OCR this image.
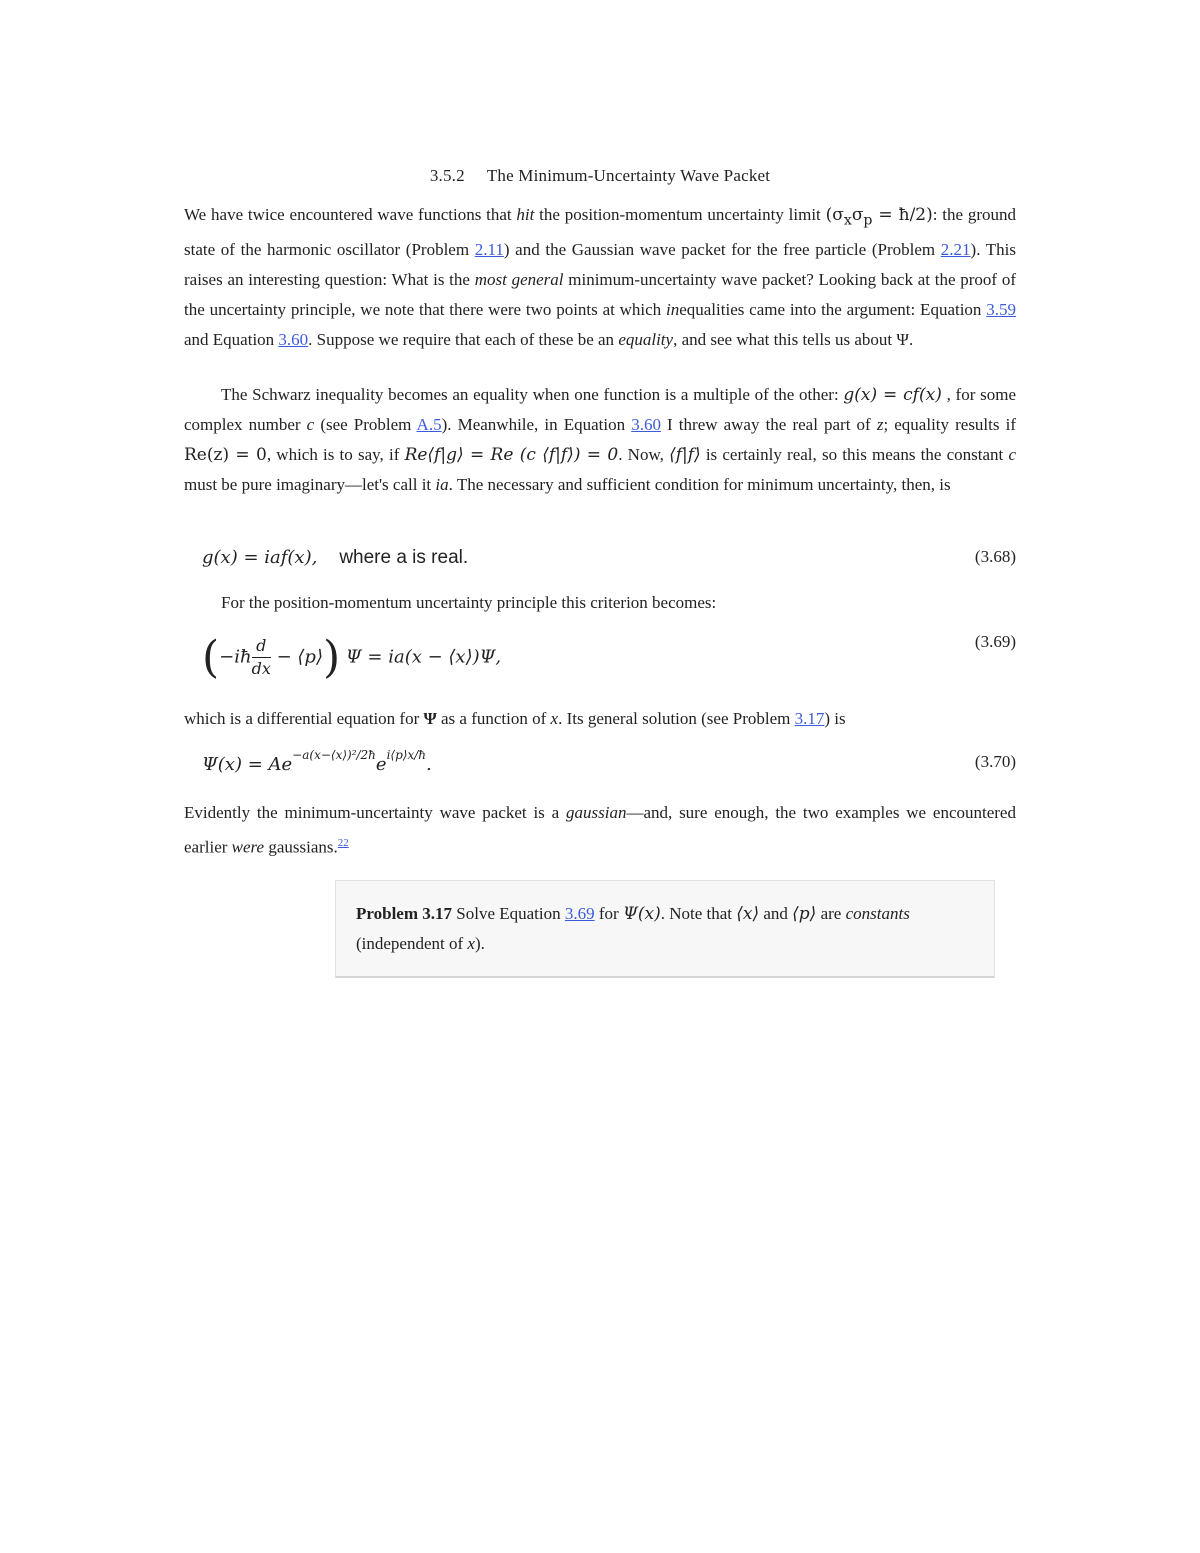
3.5.2 The Minimum-Uncertainty Wave Packet
We have twice encountered wave functions that hit the position-momentum uncertainty limit ($\sigma_x\sigma_p$ = ħ/2): the ground state of the harmonic oscillator (Problem 2.11) and the Gaussian wave packet for the free particle (Problem 2.21). This raises an interesting question: What is the most general minimum-uncertainty wave packet? Looking back at the proof of the uncertainty principle, we note that there were two points at which inequalities came into the argument: Equation 3.59 and Equation 3.60. Suppose we require that each of these be an equality, and see what this tells us about Ψ.
The Schwarz inequality becomes an equality when one function is a multiple of the other: g(x) = cf(x) , for some complex number c (see Problem A.5). Meanwhile, in Equation 3.60 I threw away the real part of z; equality results if Re(z) = 0, which is to say, if Re⟨f|g⟩ = Re (c ⟨f|f⟩) = 0. Now, ⟨f|f⟩ is certainly real, so this means the constant c must be pure imaginary—let's call it ia. The necessary and sufficient condition for minimum uncertainty, then, is
g(x) = iaf(x), where a is real.	(3.68)
For the position-momentum uncertainty principle this criterion becomes:
(−iħ $\frac{d}{dx}$ − ⟨p⟩) Ψ = ia(x − ⟨x⟩)Ψ,
(3.69)
which is a differential equation for Ψ as a function of x. Its general solution (see Problem 3.17) is
$\Psi(x) = Ae^{-a(x-⟨x⟩)^2/2ħ}e^{i⟨p⟩x/ħ}$.	(3.70)
Evidently the minimum-uncertainty wave packet is a gaussian—and, sure enough, the two examples we encountered earlier were gaussians.$^{22}$
Problem 3.17 Solve Equation 3.69 for Ψ(x). Note that ⟨x⟩ and ⟨p⟩ are constants (independent of x).
